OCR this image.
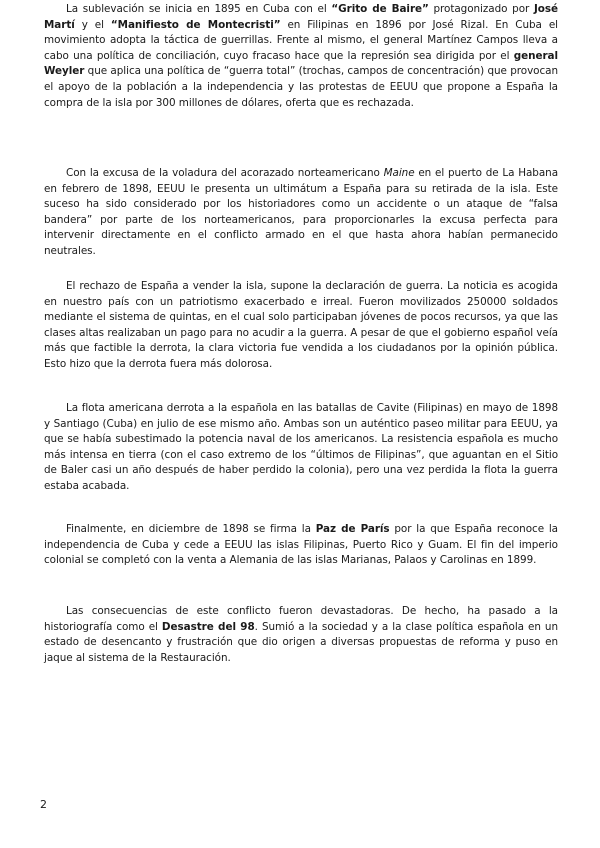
La sublevación se inicia en 1895 en Cuba con el “Grito de Baire” protagonizado por José Martí y el “Manifiesto de Montecristi” en Filipinas en 1896 por José Rizal. En Cuba el movimiento adopta la táctica de guerrillas. Frente al mismo, el general Martínez Campos lleva a cabo una política de conciliación, cuyo fracaso hace que la represión sea dirigida por el general Weyler que aplica una política de “guerra total” (trochas, campos de concentración) que provocan el apoyo de la población a la independencia y las protestas de EEUU que propone a España la compra de la isla por 300 millones de dólares, oferta que es rechazada.

Con la excusa de la voladura del acorazado norteamericano Maine en el puerto de La Habana en febrero de 1898, EEUU le presenta un ultimátum a España para su retirada de la isla. Este suceso ha sido considerado por los historiadores como un accidente o un ataque de “falsa bandera” por parte de los norteamericanos, para proporcionarles la excusa perfecta para intervenir directamente en el conflicto armado en el que hasta ahora habían permanecido neutrales.

El rechazo de España a vender la isla, supone la declaración de guerra. La noticia es acogida en nuestro país con un patriotismo exacerbado e irreal. Fueron movilizados 250000 soldados mediante el sistema de quintas, en el cual solo participaban jóvenes de pocos recursos, ya que las clases altas realizaban un pago para no acudir a la guerra. A pesar de que el gobierno español veía más que factible la derrota, la clara victoria fue vendida a los ciudadanos por la opinión pública. Esto hizo que la derrota fuera más dolorosa.

La flota americana derrota a la española en las batallas de Cavite (Filipinas) en mayo de 1898 y Santiago (Cuba) en julio de ese mismo año. Ambas son un auténtico paseo militar para EEUU, ya que se había subestimado la potencia naval de los americanos. La resistencia española es mucho más intensa en tierra (con el caso extremo de los “últimos de Filipinas”, que aguantan en el Sitio de Baler casi un año después de haber perdido la colonia), pero una vez perdida la flota la guerra estaba acabada.

Finalmente, en diciembre de 1898 se firma la Paz de París por la que España reconoce la independencia de Cuba y cede a EEUU las islas Filipinas, Puerto Rico y Guam. El fin del imperio colonial se completó con la venta a Alemania de las islas Marianas, Palaos y Carolinas en 1899.

Las consecuencias de este conflicto fueron devastadoras. De hecho, ha pasado a la historiografía como el Desastre del 98. Sumió a la sociedad y a la clase política española en un estado de desencanto y frustración que dio origen a diversas propuestas de reforma y puso en jaque al sistema de la Restauración.

2
